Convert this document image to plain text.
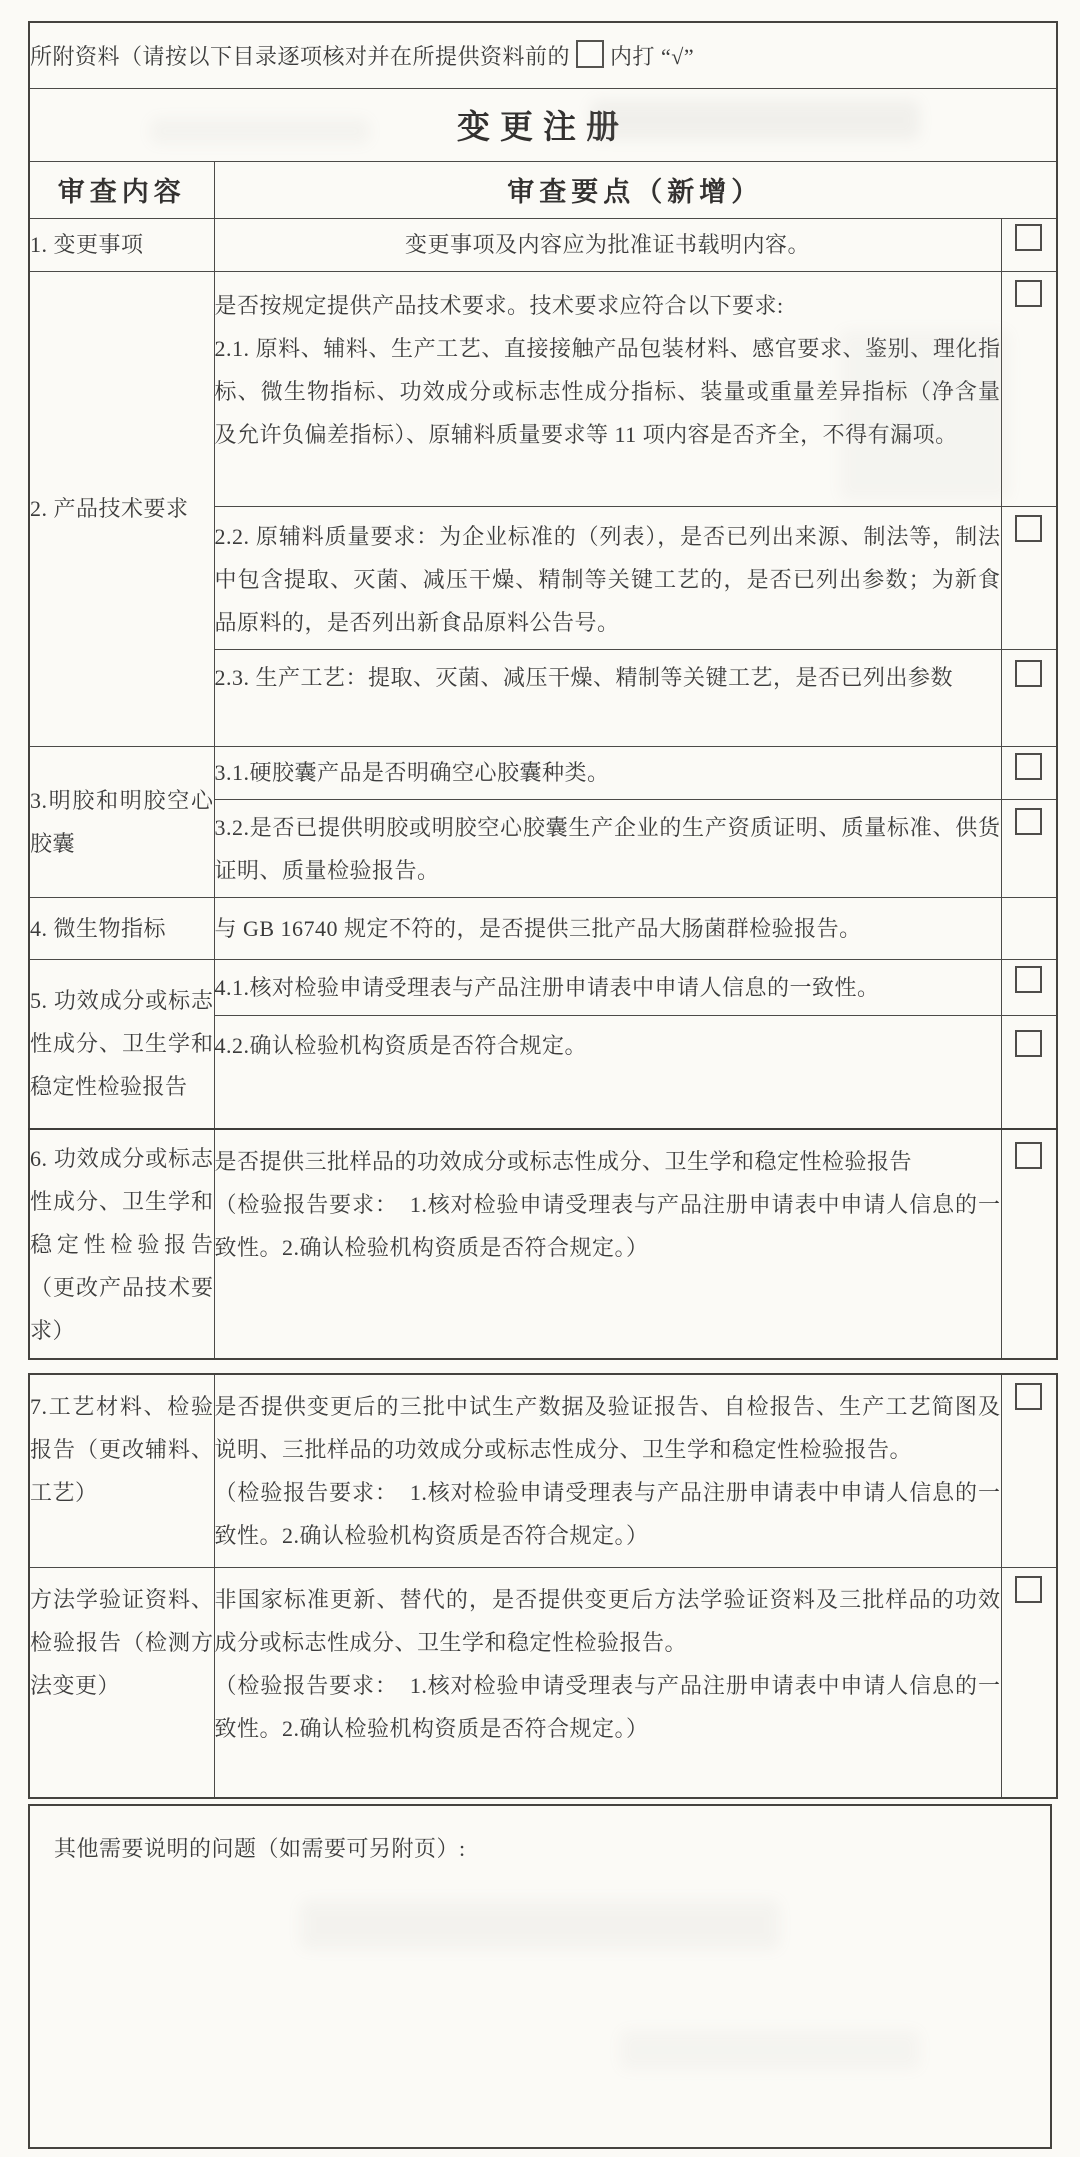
所附资料（请按以下目录逐项核对并在所提供资料前的 内打 “√”		
变更注册		
审查内容	审查要点（新增）	
1. 变更事项	变更事项及内容应为批准证书载明内容。	

2. 产品技术要求	是否按规定提供产品技术要求。技术要求应符合以下要求:
2.1. 原料、辅料、生产工艺、直接接触产品包装材料、感官要求、鉴别、理化指标、微生物指标、功效成分或标志性成分指标、装量或重量差异指标（净含量及允许负偏差指标）、原辅料质量要求等 11 项内容是否齐全，不得有漏项。	

	2.2. 原辅料质量要求：为企业标准的（列表），是否已列出来源、制法等，制法中包含提取、灭菌、减压干燥、精制等关键工艺的，是否已列出参数；为新食品原料的，是否列出新食品原料公告号。	

	2.3. 生产工艺：提取、灭菌、减压干燥、精制等关键工艺，是否已列出参数	

3.明胶和明胶空心胶囊	3.1.硬胶囊产品是否明确空心胶囊种类。	

	3.2.是否已提供明胶或明胶空心胶囊生产企业的生产资质证明、质量标准、供货证明、质量检验报告。	

4. 微生物指标	与 GB 16740 规定不符的，是否提供三批产品大肠菌群检验报告。	
5. 功效成分或标志性成分、卫生学和稳定性检验报告	4.1.核对检验申请受理表与产品注册申请表中申请人信息的一致性。	

	4.2.确认检验机构资质是否符合规定。	

6. 功效成分或标志性成分、卫生学和稳定性检验报告（更改产品技术要求）	是否提供三批样品的功效成分或标志性成分、卫生学和稳定性检验报告
（检验报告要求：　1.核对检验申请受理表与产品注册申请表中申请人信息的一致性。2.确认检验机构资质是否符合规定。）	

7.工艺材料、检验报告（更改辅料、工艺）	是否提供变更后的三批中试生产数据及验证报告、自检报告、生产工艺简图及说明、三批样品的功效成分或标志性成分、卫生学和稳定性检验报告。
（检验报告要求：　1.核对检验申请受理表与产品注册申请表中申请人信息的一致性。2.确认检验机构资质是否符合规定。）	

方法学验证资料、检验报告（检测方法变更）	非国家标准更新、替代的，是否提供变更后方法学验证资料及三批样品的功效成分或标志性成分、卫生学和稳定性检验报告。
（检验报告要求：　1.核对检验申请受理表与产品注册申请表中申请人信息的一致性。2.确认检验机构资质是否符合规定。）	

其他需要说明的问题（如需要可另附页）:
